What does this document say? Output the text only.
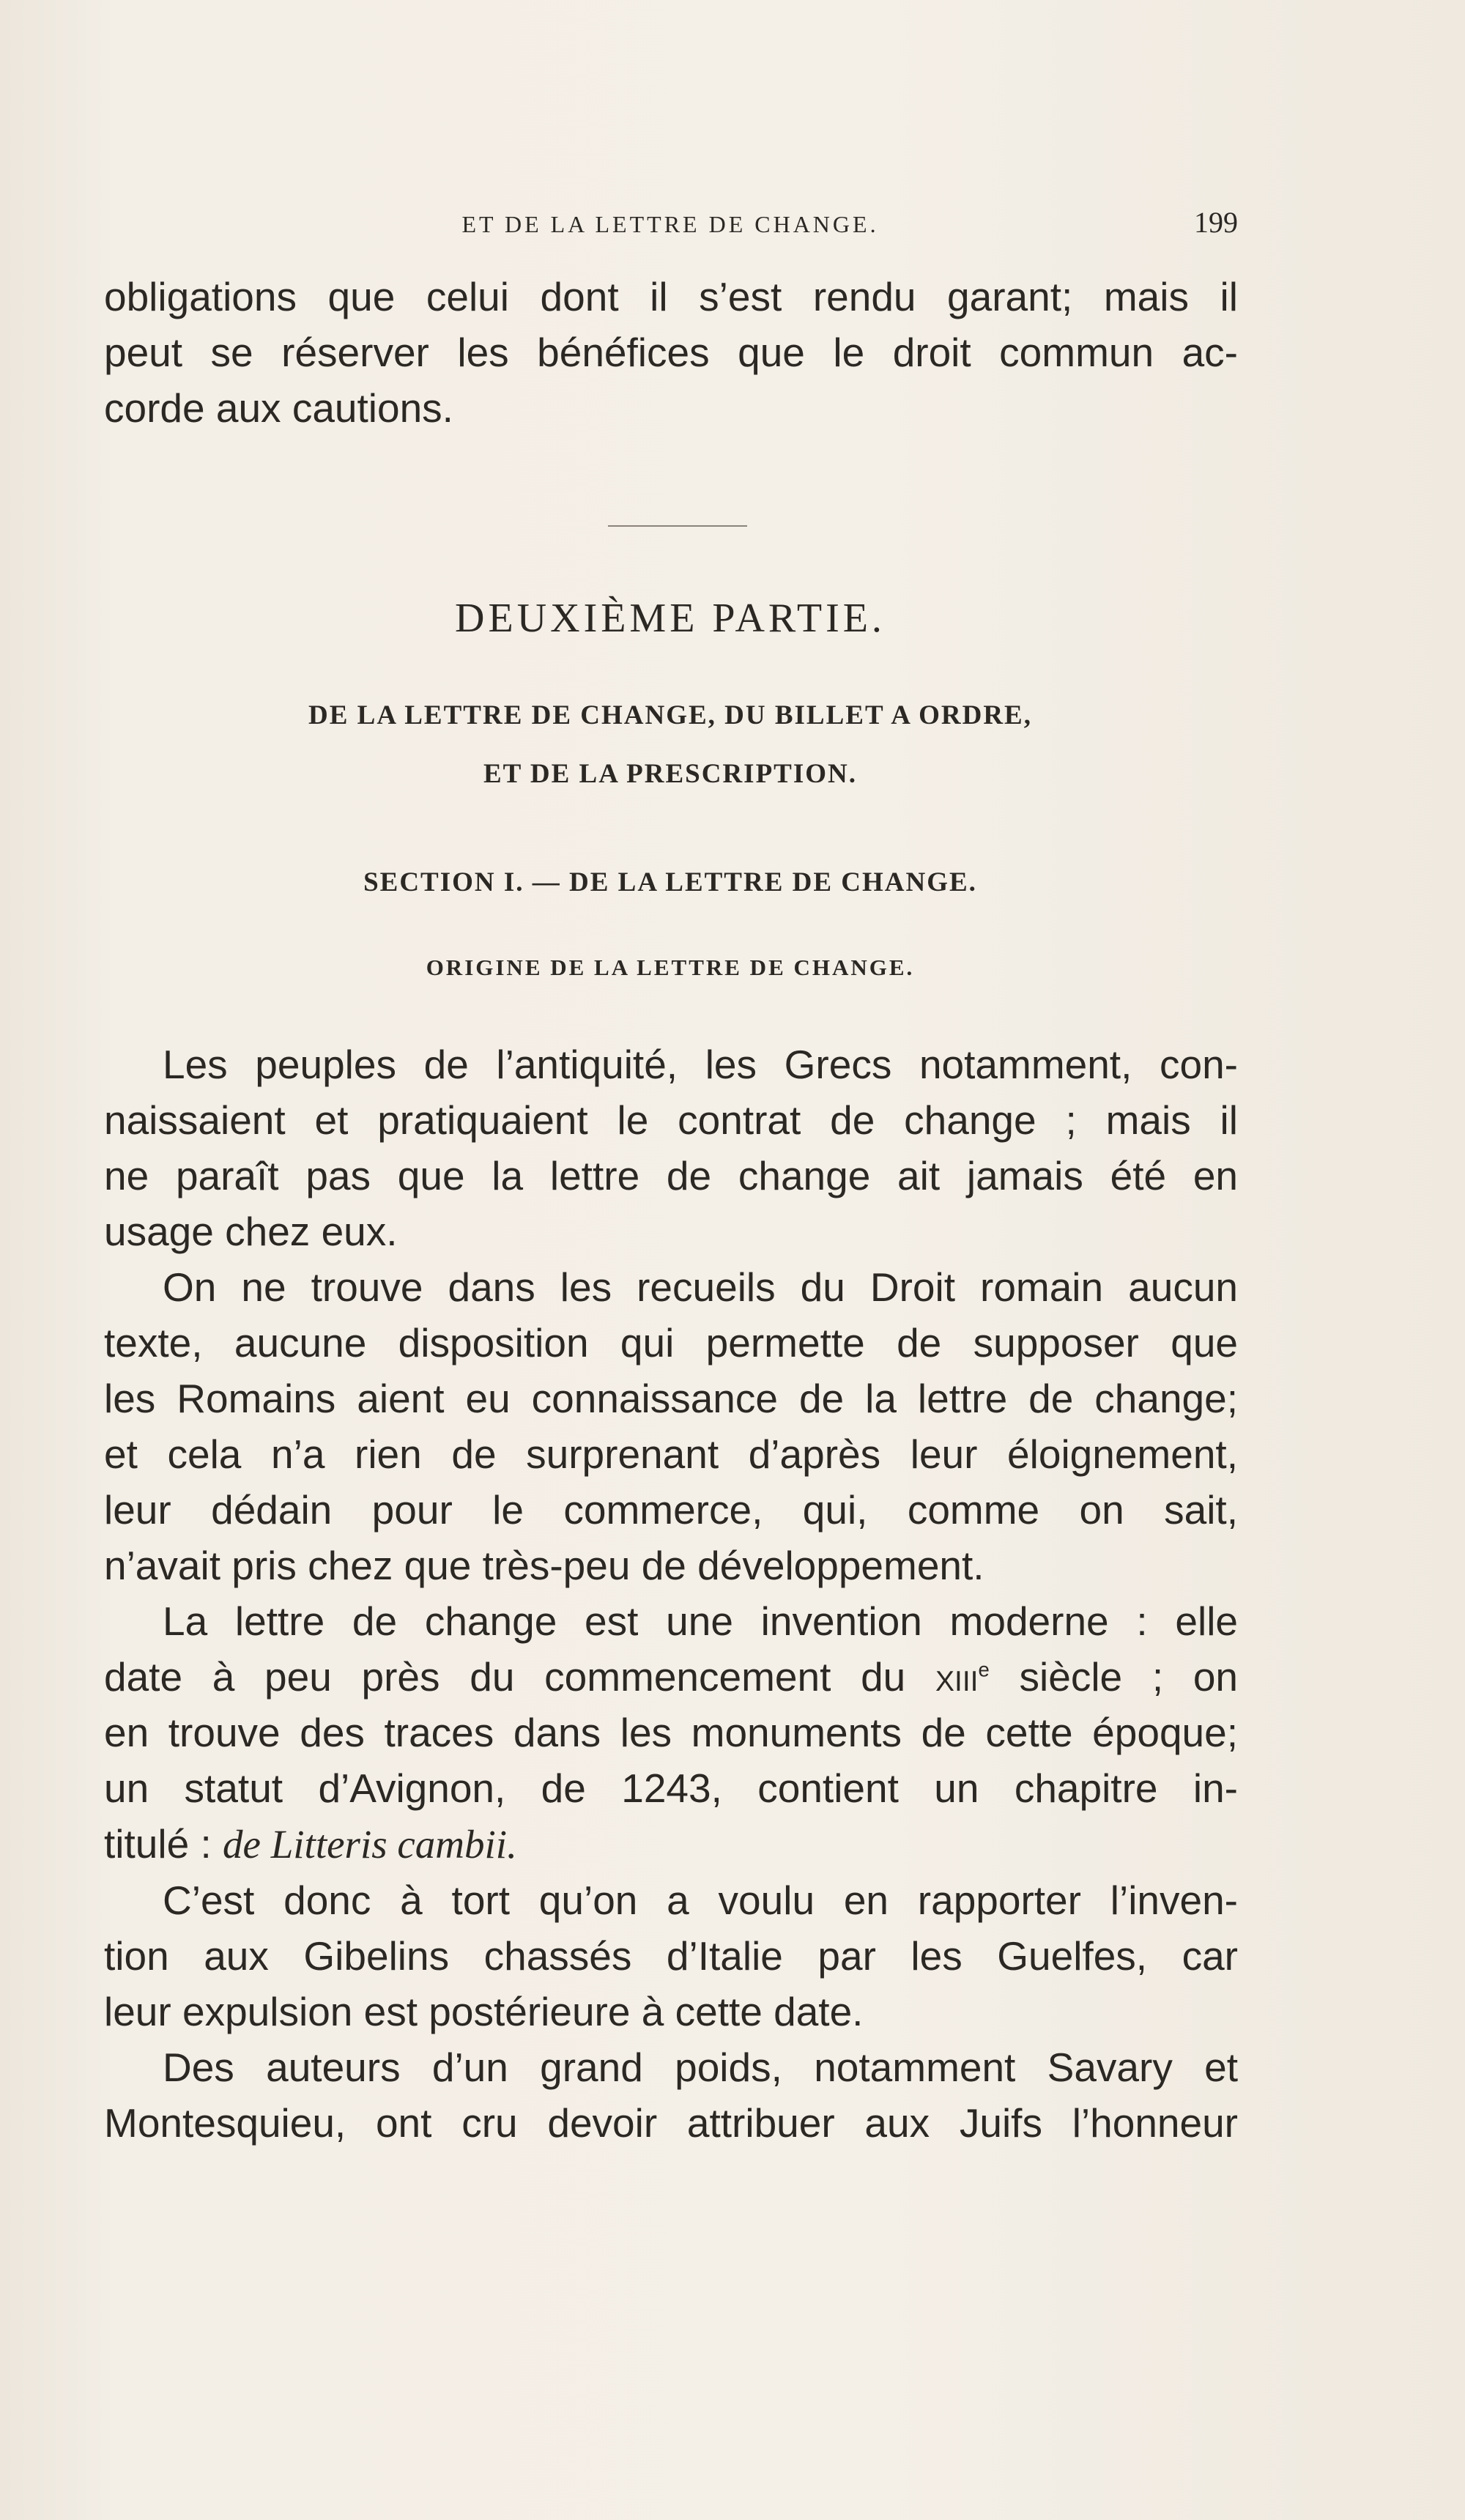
ET DE LA LETTRE DE CHANGE.	199
obligations que celui dont il s’est rendu garant; mais il
peut se réserver les bénéfices que le droit commun ac-
corde aux cautions.
DEUXIÈME PARTIE.
DE LA LETTRE DE CHANGE, DU BILLET A ORDRE,
ET DE LA PRESCRIPTION.
SECTION I. — DE LA LETTRE DE CHANGE.
ORIGINE DE LA LETTRE DE CHANGE.
Les peuples de l’antiquité, les Grecs notamment, con-
naissaient et pratiquaient le contrat de change ; mais il
ne paraît pas que la lettre de change ait jamais été en
usage chez eux.
On ne trouve dans les recueils du Droit romain aucun
texte, aucune disposition qui permette de supposer que
les Romains aient eu connaissance de la lettre de change;
et cela n’a rien de surprenant d’après leur éloignement,
leur dédain pour le commerce, qui, comme on sait,
n’avait pris chez que très-peu de développement.
La lettre de change est une invention moderne : elle
date à peu près du commencement du xiii$^e$ siècle ; on
en trouve des traces dans les monuments de cette époque;
un statut d’Avignon, de 1243, contient un chapitre in-
titulé : de Litteris cambii.
C’est donc à tort qu’on a voulu en rapporter l’inven-
tion aux Gibelins chassés d’Italie par les Guelfes, car
leur expulsion est postérieure à cette date.
Des auteurs d’un grand poids, notamment Savary et
Montesquieu, ont cru devoir attribuer aux Juifs l’honneur
